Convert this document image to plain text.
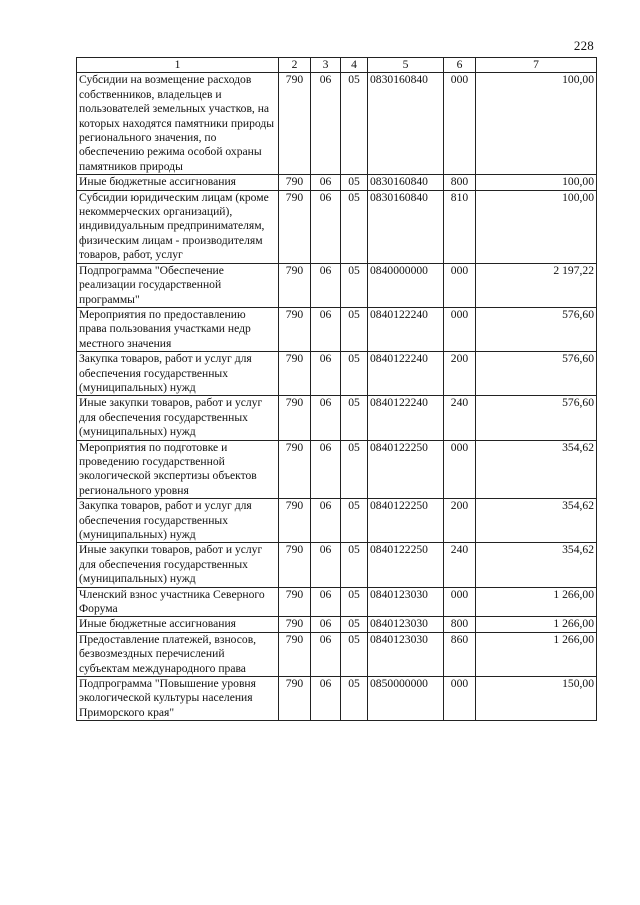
228
1	2	3	4	5	6	7
Субсидии на возмещение расходов собственников, владельцев и пользователей земельных участков, на которых находятся памятники природы регионального значения, по обеспечению режима особой охраны памятников природы	790	06	05	0830160840	000	100,00
Иные бюджетные ассигнования	790	06	05	0830160840	800	100,00
Субсидии юридическим лицам (кроме некоммерческих организаций), индивидуальным предпринимателям, физическим лицам - производителям товаров, работ, услуг	790	06	05	0830160840	810	100,00
Подпрограмма "Обеспечение реализации государственной программы"	790	06	05	0840000000	000	2 197,22
Мероприятия по предоставлению права пользования участками недр местного значения	790	06	05	0840122240	000	576,60
Закупка товаров, работ и услуг для обеспечения государственных (муниципальных) нужд	790	06	05	0840122240	200	576,60
Иные закупки товаров, работ и услуг для обеспечения государственных (муниципальных) нужд	790	06	05	0840122240	240	576,60
Мероприятия по подготовке и проведению государственной экологической экспертизы объектов регионального уровня	790	06	05	0840122250	000	354,62
Закупка товаров, работ и услуг для обеспечения государственных (муниципальных) нужд	790	06	05	0840122250	200	354,62
Иные закупки товаров, работ и услуг для обеспечения государственных (муниципальных) нужд	790	06	05	0840122250	240	354,62
Членский взнос участника Северного Форума	790	06	05	0840123030	000	1 266,00
Иные бюджетные ассигнования	790	06	05	0840123030	800	1 266,00
Предоставление платежей, взносов, безвозмездных перечислений субъектам международного права	790	06	05	0840123030	860	1 266,00
Подпрограмма "Повышение уровня экологической культуры населения Приморского края"	790	06	05	0850000000	000	150,00
